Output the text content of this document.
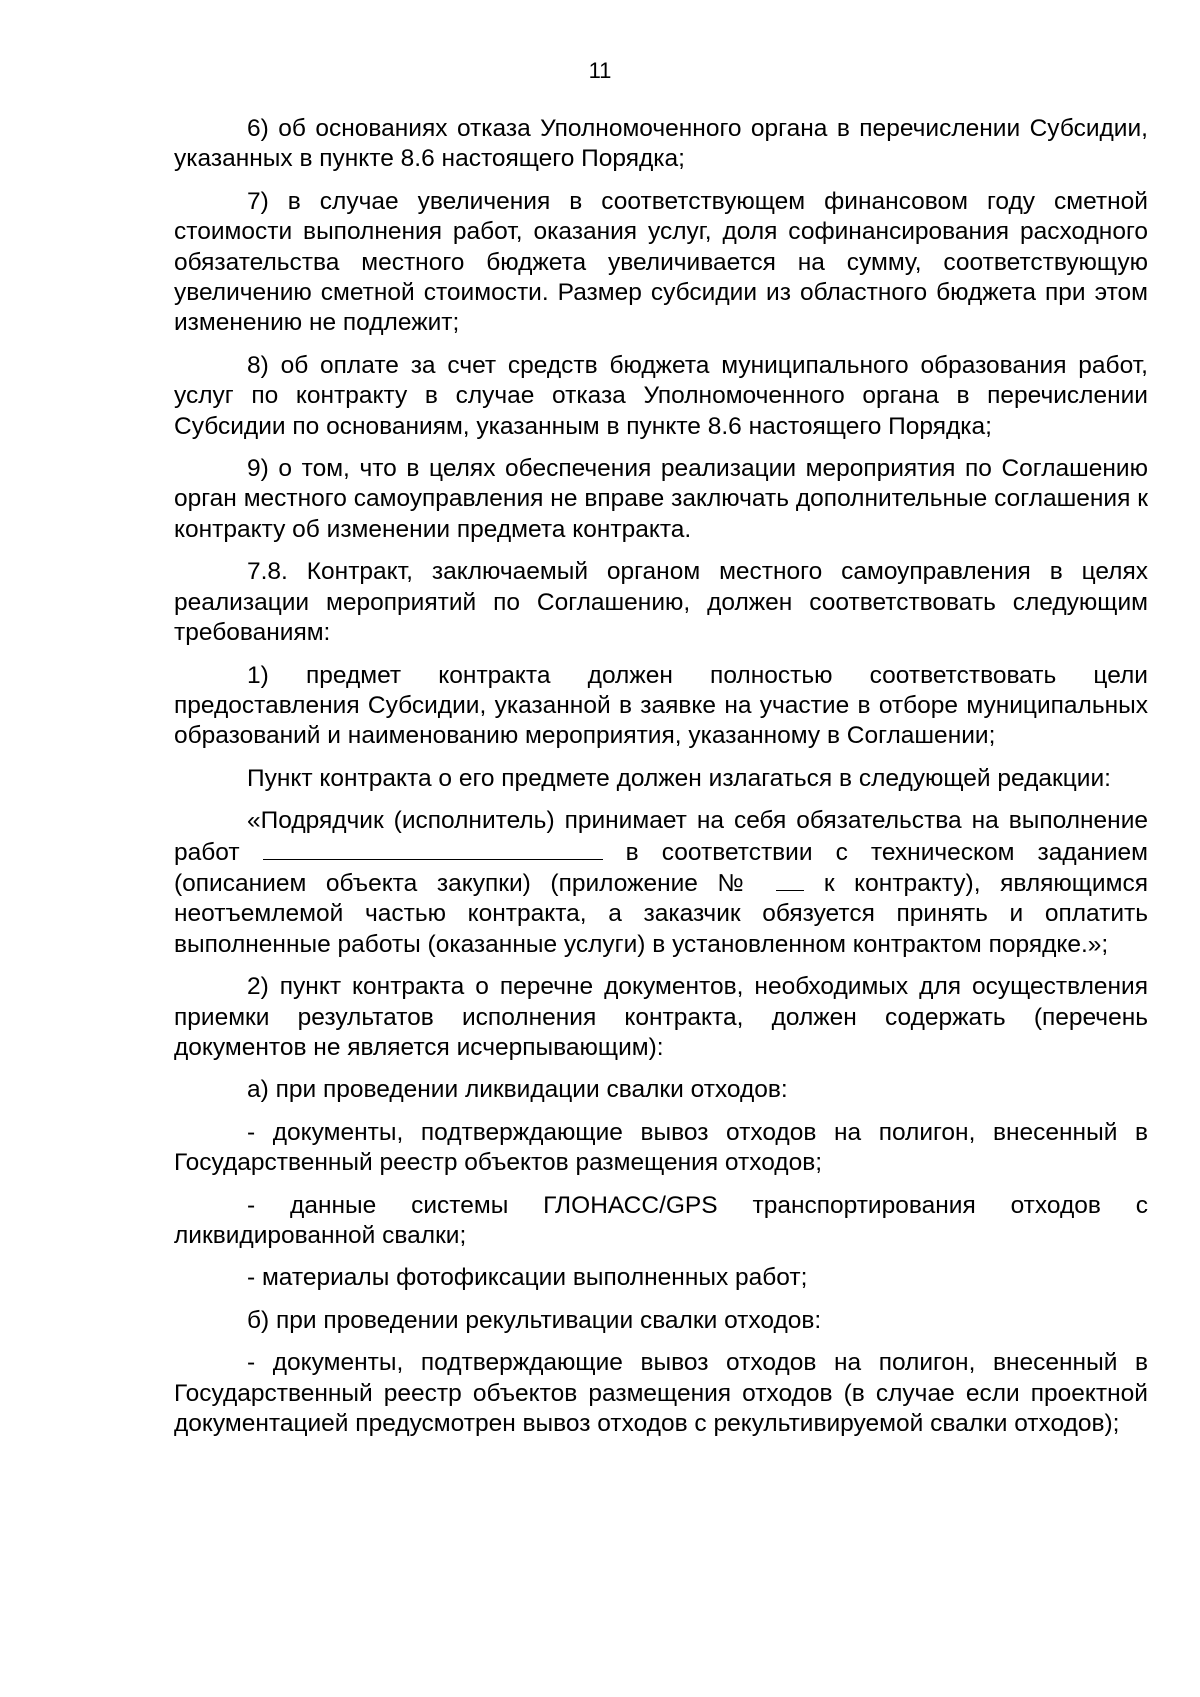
11

6) об основаниях отказа Уполномоченного органа в перечислении Субсидии, указанных в пункте 8.6 настоящего Порядка;

7) в случае увеличения в соответствующем финансовом году сметной стоимости выполнения работ, оказания услуг, доля софинансирования расходного обязательства местного бюджета увеличивается на сумму, соответствующую увеличению сметной стоимости. Размер субсидии из областного бюджета при этом изменению не подлежит;

8) об оплате за счет средств бюджета муниципального образования работ, услуг по контракту в случае отказа Уполномоченного органа в перечислении Субсидии по основаниям, указанным в пункте 8.6 настоящего Порядка;

9) о том, что в целях обеспечения реализации мероприятия по Соглашению орган местного самоуправления не вправе заключать дополнительные соглашения к контракту об изменении предмета контракта.

7.8. Контракт, заключаемый органом местного самоуправления в целях реализации мероприятий по Соглашению, должен соответствовать следующим требованиям:

1) предмет контракта должен полностью соответствовать цели предоставления Субсидии, указанной в заявке на участие в отборе муниципальных образований и наименованию мероприятия, указанному в Соглашении;

Пункт контракта о его предмете должен излагаться в следующей редакции:

«Подрядчик (исполнитель) принимает на себя обязательства на выполнение работ	в соответствии с техническом заданием (описанием объекта закупки) (приложение №  к контракту), являющимся неотъемлемой частью контракта, а заказчик обязуется принять и оплатить выполненные работы (оказанные услуги) в установленном контрактом порядке.»;

2) пункт контракта о перечне документов, необходимых для осуществления приемки результатов исполнения контракта, должен содержать (перечень документов не является исчерпывающим):

а) при проведении ликвидации свалки отходов:

- документы, подтверждающие вывоз отходов на полигон, внесенный в Государственный реестр объектов размещения отходов;

- данные системы ГЛОНАСС/GPS транспортирования отходов с ликвидированной свалки;

- материалы фотофиксации выполненных работ;

б) при проведении рекультивации свалки отходов:

- документы, подтверждающие вывоз отходов на полигон, внесенный в Государственный реестр объектов размещения отходов (в случае если проектной документацией предусмотрен вывоз отходов с рекультивируемой свалки отходов);
